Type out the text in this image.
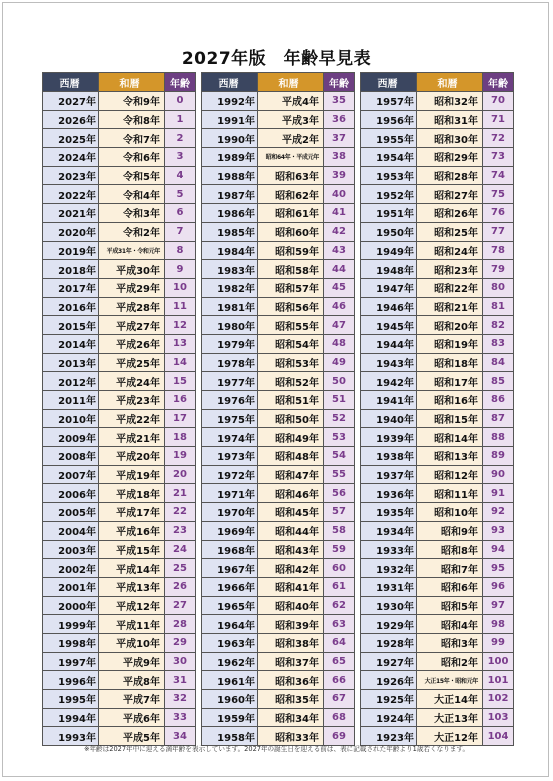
2027年版　年齢早見表
西暦	和暦	年齢
2027年	令和9年	0
2026年	令和8年	1
2025年	令和7年	2
2024年	令和6年	3
2023年	令和5年	4
2022年	令和4年	5
2021年	令和3年	6
2020年	令和2年	7
2019年	平成31年・令和元年	8
2018年	平成30年	9
2017年	平成29年	10
2016年	平成28年	11
2015年	平成27年	12
2014年	平成26年	13
2013年	平成25年	14
2012年	平成24年	15
2011年	平成23年	16
2010年	平成22年	17
2009年	平成21年	18
2008年	平成20年	19
2007年	平成19年	20
2006年	平成18年	21
2005年	平成17年	22
2004年	平成16年	23
2003年	平成15年	24
2002年	平成14年	25
2001年	平成13年	26
2000年	平成12年	27
1999年	平成11年	28
1998年	平成10年	29
1997年	平成9年	30
1996年	平成8年	31
1995年	平成7年	32
1994年	平成6年	33
1993年	平成5年	34
西暦	和暦	年齢
1992年	平成4年	35
1991年	平成3年	36
1990年	平成2年	37
1989年	昭和64年・平成元年	38
1988年	昭和63年	39
1987年	昭和62年	40
1986年	昭和61年	41
1985年	昭和60年	42
1984年	昭和59年	43
1983年	昭和58年	44
1982年	昭和57年	45
1981年	昭和56年	46
1980年	昭和55年	47
1979年	昭和54年	48
1978年	昭和53年	49
1977年	昭和52年	50
1976年	昭和51年	51
1975年	昭和50年	52
1974年	昭和49年	53
1973年	昭和48年	54
1972年	昭和47年	55
1971年	昭和46年	56
1970年	昭和45年	57
1969年	昭和44年	58
1968年	昭和43年	59
1967年	昭和42年	60
1966年	昭和41年	61
1965年	昭和40年	62
1964年	昭和39年	63
1963年	昭和38年	64
1962年	昭和37年	65
1961年	昭和36年	66
1960年	昭和35年	67
1959年	昭和34年	68
1958年	昭和33年	69
西暦	和暦	年齢
1957年	昭和32年	70
1956年	昭和31年	71
1955年	昭和30年	72
1954年	昭和29年	73
1953年	昭和28年	74
1952年	昭和27年	75
1951年	昭和26年	76
1950年	昭和25年	77
1949年	昭和24年	78
1948年	昭和23年	79
1947年	昭和22年	80
1946年	昭和21年	81
1945年	昭和20年	82
1944年	昭和19年	83
1943年	昭和18年	84
1942年	昭和17年	85
1941年	昭和16年	86
1940年	昭和15年	87
1939年	昭和14年	88
1938年	昭和13年	89
1937年	昭和12年	90
1936年	昭和11年	91
1935年	昭和10年	92
1934年	昭和9年	93
1933年	昭和8年	94
1932年	昭和7年	95
1931年	昭和6年	96
1930年	昭和5年	97
1929年	昭和4年	98
1928年	昭和3年	99
1927年	昭和2年	100
1926年	大正15年・昭和元年	101
1925年	大正14年	102
1924年	大正13年	103
1923年	大正12年	104
※年齢は2027年中に迎える満年齢を表示しています。2027年の誕生日を迎える前は、表に記載された年齢より1歳若くなります。
